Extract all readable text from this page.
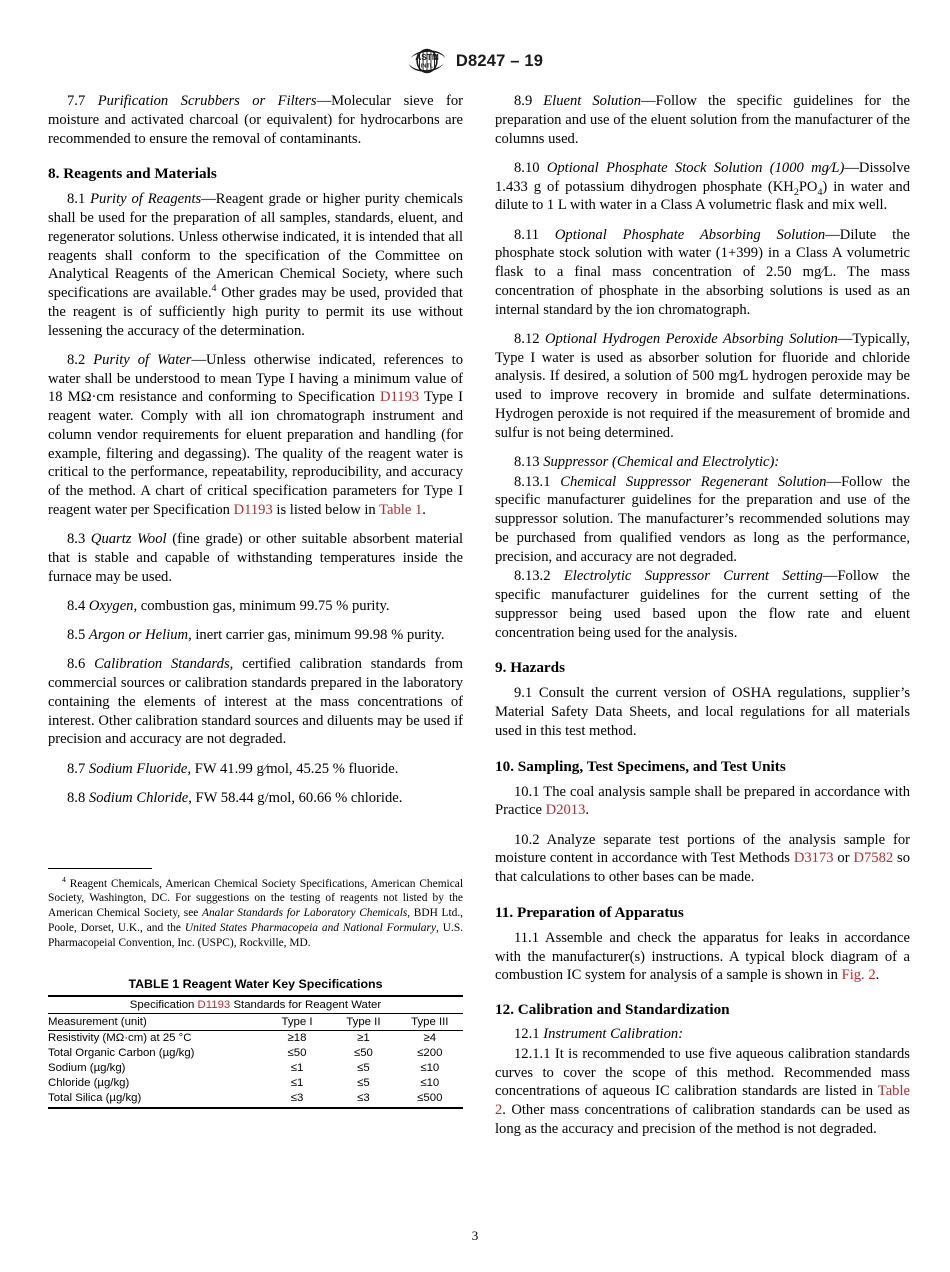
ASTM
INTL D8247 – 19

7.7 Purification Scrubbers or Filters—Molecular sieve for moisture and activated charcoal (or equivalent) for hydrocarbons are recommended to ensure the removal of contaminants.

8. Reagents and Materials

8.1 Purity of Reagents—Reagent grade or higher purity chemicals shall be used for the preparation of all samples, standards, eluent, and regenerator solutions. Unless otherwise indicated, it is intended that all reagents shall conform to the specification of the Committee on Analytical Reagents of the American Chemical Society, where such specifications are available.$^4$ Other grades may be used, provided that the reagent is of sufficiently high purity to permit its use without lessening the accuracy of the determination.

8.2 Purity of Water—Unless otherwise indicated, references to water shall be understood to mean Type I having a minimum value of 18 MΩ·cm resistance and conforming to Specification D1193 Type I reagent water. Comply with all ion chromatograph instrument and column vendor requirements for eluent preparation and handling (for example, filtering and degassing). The quality of the reagent water is critical to the performance, repeatability, reproducibility, and accuracy of the method. A chart of critical specification parameters for Type I reagent water per Specification D1193 is listed below in Table 1.

8.3 Quartz Wool (fine grade) or other suitable absorbent material that is stable and capable of withstanding temperatures inside the furnace may be used.

8.4 Oxygen, combustion gas, minimum 99.75 % purity.

8.5 Argon or Helium, inert carrier gas, minimum 99.98 % purity.

8.6 Calibration Standards, certified calibration standards from commercial sources or calibration standards prepared in the laboratory containing the elements of interest at the mass concentrations of interest. Other calibration standard sources and diluents may be used if precision and accuracy are not degraded.

8.7 Sodium Fluoride, FW 41.99 g∕mol, 45.25 % fluoride.

8.8 Sodium Chloride, FW 58.44 g/mol, 60.66 % chloride.

$^4$ Reagent Chemicals, American Chemical Society Specifications, American Chemical Society, Washington, DC. For suggestions on the testing of reagents not listed by the American Chemical Society, see Analar Standards for Laboratory Chemicals, BDH Ltd., Poole, Dorset, U.K., and the United States Pharmacopeia and National Formulary, U.S. Pharmacopeial Convention, Inc. (USPC), Rockville, MD.

TABLE 1 Reagent Water Key Specifications

Specification D1193 Standards for Reagent Water			
Measurement (unit)	Type I	Type II	Type III
Resistivity (MΩ·cm) at 25 °C	≥18	≥1	≥4
Total Organic Carbon (µg/kg)	≤50	≤50	≤200
Sodium (µg/kg)	≤1	≤5	≤10
Chloride (µg/kg)	≤1	≤5	≤10
Total Silica (µg/kg)	≤3	≤3	≤500

8.9 Eluent Solution—Follow the specific guidelines for the preparation and use of the eluent solution from the manufacturer of the columns used.

8.10 Optional Phosphate Stock Solution (1000 mg∕L)—Dissolve 1.433 g of potassium dihydrogen phosphate $(KH_2PO_4)$ in water and dilute to 1 L with water in a Class A volumetric flask and mix well.

8.11 Optional Phosphate Absorbing Solution—Dilute the phosphate stock solution with water (1+399) in a Class A volumetric flask to a final mass concentration of 2.50 mg∕L. The mass concentration of phosphate in the absorbing solutions is used as an internal standard by the ion chromatograph.

8.12 Optional Hydrogen Peroxide Absorbing Solution—Typically, Type I water is used as absorber solution for fluoride and chloride analysis. If desired, a solution of 500 mg∕L hydrogen peroxide may be used to improve recovery in bromide and sulfate determinations. Hydrogen peroxide is not required if the measurement of bromide and sulfur is not being determined.

8.13 Suppressor (Chemical and Electrolytic):

8.13.1 Chemical Suppressor Regenerant Solution—Follow the specific manufacturer guidelines for the preparation and use of the suppressor solution. The manufacturer’s recommended solutions may be purchased from qualified vendors as long as the performance, precision, and accuracy are not degraded.

8.13.2 Electrolytic Suppressor Current Setting—Follow the specific manufacturer guidelines for the current setting of the suppressor being used based upon the flow rate and eluent concentration being used for the analysis.

9. Hazards

9.1 Consult the current version of OSHA regulations, supplier’s Material Safety Data Sheets, and local regulations for all materials used in this test method.

10. Sampling, Test Specimens, and Test Units

10.1 The coal analysis sample shall be prepared in accordance with Practice D2013.

10.2 Analyze separate test portions of the analysis sample for moisture content in accordance with Test Methods D3173 or D7582 so that calculations to other bases can be made.

11. Preparation of Apparatus

11.1 Assemble and check the apparatus for leaks in accordance with the manufacturer(s) instructions. A typical block diagram of a combustion IC system for analysis of a sample is shown in Fig. 2.

12. Calibration and Standardization

12.1 Instrument Calibration:

12.1.1 It is recommended to use five aqueous calibration standards curves to cover the scope of this method. Recommended mass concentrations of aqueous IC calibration standards are listed in Table 2. Other mass concentrations of calibration standards can be used as long as the accuracy and precision of the method is not degraded.

3
